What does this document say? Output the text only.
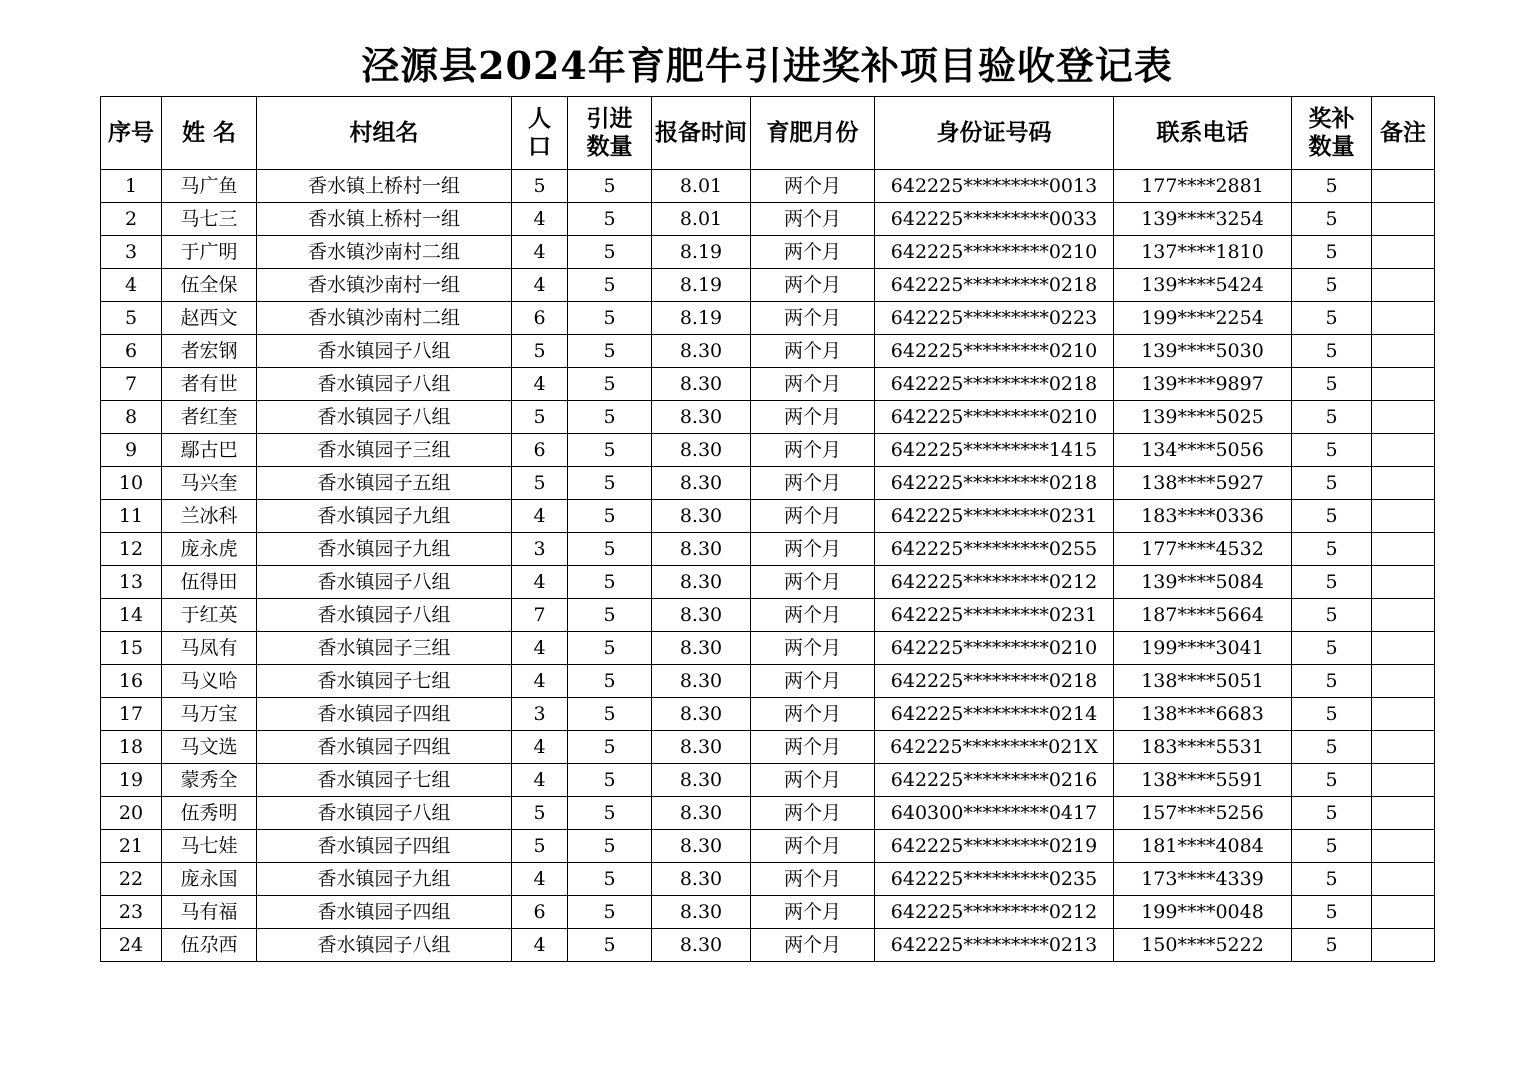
泾源县2024年育肥牛引进奖补项目验收登记表
序号	姓 名	村组名	人口	引进数量	报备时间	育肥月份	身份证号码	联系电话	奖补数量	备注
1	马广鱼	香水镇上桥村一组	5	5	8.01	两个月	642225*********0013	177****2881	5	
2	马七三	香水镇上桥村一组	4	5	8.01	两个月	642225*********0033	139****3254	5	
3	于广明	香水镇沙南村二组	4	5	8.19	两个月	642225*********0210	137****1810	5	
4	伍全保	香水镇沙南村一组	4	5	8.19	两个月	642225*********0218	139****5424	5	
5	赵西文	香水镇沙南村二组	6	5	8.19	两个月	642225*********0223	199****2254	5	
6	者宏钢	香水镇园子八组	5	5	8.30	两个月	642225*********0210	139****5030	5	
7	者有世	香水镇园子八组	4	5	8.30	两个月	642225*********0218	139****9897	5	
8	者红奎	香水镇园子八组	5	5	8.30	两个月	642225*********0210	139****5025	5	
9	鄢古巴	香水镇园子三组	6	5	8.30	两个月	642225*********1415	134****5056	5	
10	马兴奎	香水镇园子五组	5	5	8.30	两个月	642225*********0218	138****5927	5	
11	兰冰科	香水镇园子九组	4	5	8.30	两个月	642225*********0231	183****0336	5	
12	庞永虎	香水镇园子九组	3	5	8.30	两个月	642225*********0255	177****4532	5	
13	伍得田	香水镇园子八组	4	5	8.30	两个月	642225*********0212	139****5084	5	
14	于红英	香水镇园子八组	7	5	8.30	两个月	642225*********0231	187****5664	5	
15	马凤有	香水镇园子三组	4	5	8.30	两个月	642225*********0210	199****3041	5	
16	马义哈	香水镇园子七组	4	5	8.30	两个月	642225*********0218	138****5051	5	
17	马万宝	香水镇园子四组	3	5	8.30	两个月	642225*********0214	138****6683	5	
18	马文选	香水镇园子四组	4	5	8.30	两个月	642225*********021X	183****5531	5	
19	蒙秀全	香水镇园子七组	4	5	8.30	两个月	642225*********0216	138****5591	5	
20	伍秀明	香水镇园子八组	5	5	8.30	两个月	640300*********0417	157****5256	5	
21	马七娃	香水镇园子四组	5	5	8.30	两个月	642225*********0219	181****4084	5	
22	庞永国	香水镇园子九组	4	5	8.30	两个月	642225*********0235	173****4339	5	
23	马有福	香水镇园子四组	6	5	8.30	两个月	642225*********0212	199****0048	5	
24	伍尕西	香水镇园子八组	4	5	8.30	两个月	642225*********0213	150****5222	5	
